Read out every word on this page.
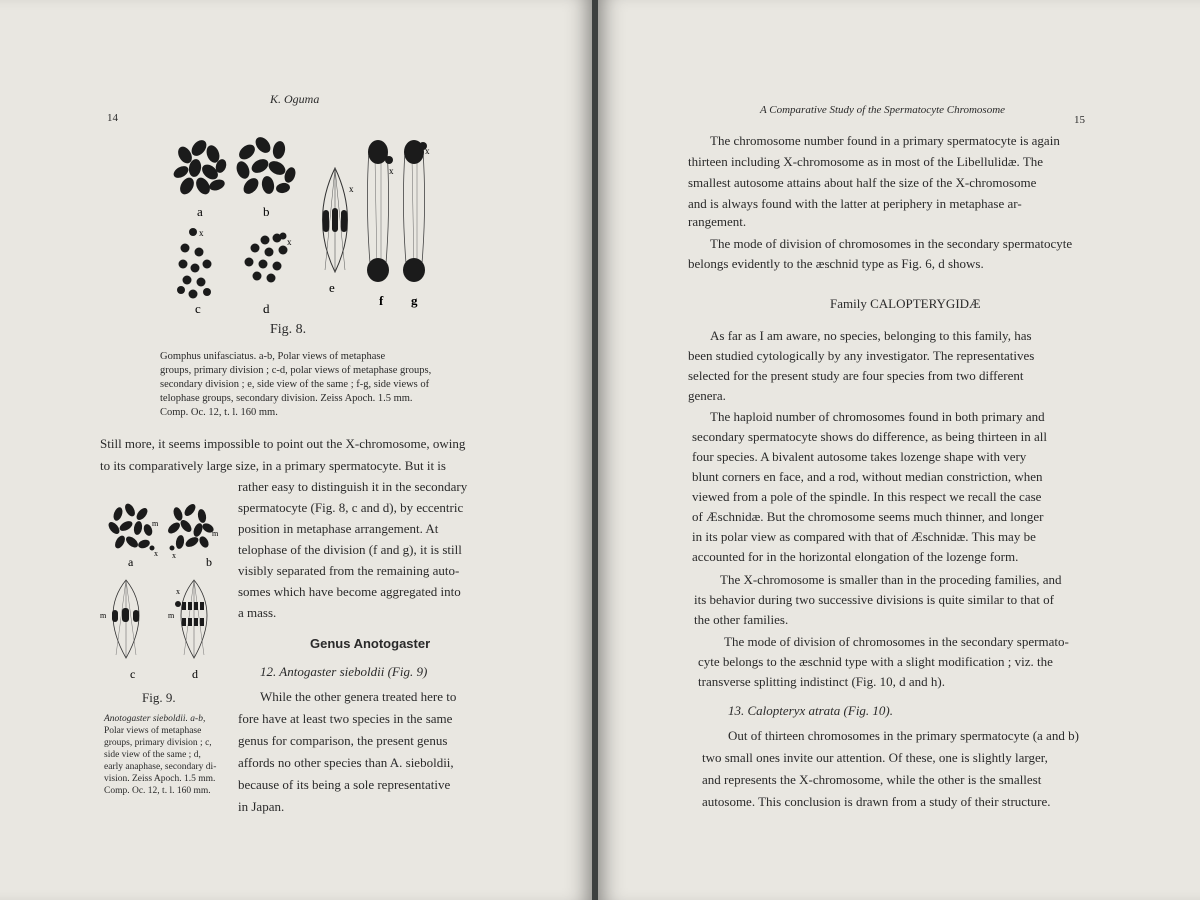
14
K. Oguma
a	b
c	d
e
f g
x
x
x
x
x
Fig. 8.
Gomphus unifasciatus. a-b, Polar views of metaphase
groups, primary division ; c-d, polar views of metaphase groups,
secondary division ; e, side view of the same ; f-g, side views of
telophase groups, secondary division. Zeiss Apoch. 1.5 mm.
Comp. Oc. 12, t. l. 160 mm.
Still more, it seems impossible to point out the X-chromosome, owing
to its comparatively large size, in a primary spermatocyte. But it is
rather easy to distinguish it in the secondary
spermatocyte (Fig. 8, c and d), by eccentric
position in metaphase arrangement. At
telophase of the division (f and g), it is still
visibly separated from the remaining auto-
somes which have become aggregated into
a mass.
a	b
c	d
m
m
m	m
x x
x
Fig. 9.
Anotogaster sieboldii. a-b,
Polar views of metaphase
groups, primary division ; c,
side view of the same ; d,
early anaphase, secondary di-
vision. Zeiss Apoch. 1.5 mm.
Comp. Oc. 12, t. l. 160 mm.
Genus Anotogaster
12. Antogaster sieboldii (Fig. 9)
While the other genera treated here to
fore have at least two species in the same
genus for comparison, the present genus
affords no other species than A. sieboldii,
because of its being a sole representative
in Japan.
A Comparative Study of the Spermatocyte Chromosome
15
The chromosome number found in a primary spermatocyte is again
thirteen including X-chromosome as in most of the Libellulidæ. The
smallest autosome attains about half the size of the X-chromosome
and is always found with the latter at periphery in metaphase ar-
rangement.
The mode of division of chromosomes in the secondary spermatocyte
belongs evidently to the æschnid type as Fig. 6, d shows.
Family CALOPTERYGIDÆ
As far as I am aware, no species, belonging to this family, has
been studied cytologically by any investigator. The representatives
selected for the present study are four species from two different
genera.
The haploid number of chromosomes found in both primary and
secondary spermatocyte shows do difference, as being thirteen in all
four species. A bivalent autosome takes lozenge shape with very
blunt corners en face, and a rod, without median constriction, when
viewed from a pole of the spindle. In this respect we recall the case
of Æschnidæ. But the chromosome seems much thinner, and longer
in its polar view as compared with that of Æschnidæ. This may be
accounted for in the horizontal elongation of the lozenge form.
The X-chromosome is smaller than in the proceding families, and
its behavior during two successive divisions is quite similar to that of
the other families.
The mode of division of chromosomes in the secondary spermato-
cyte belongs to the æschnid type with a slight modification ; viz. the
transverse splitting indistinct (Fig. 10, d and h).
13. Calopteryx atrata (Fig. 10).
Out of thirteen chromosomes in the primary spermatocyte (a and b)
two small ones invite our attention. Of these, one is slightly larger,
and represents the X-chromosome, while the other is the smallest
autosome. This conclusion is drawn from a study of their structure.
